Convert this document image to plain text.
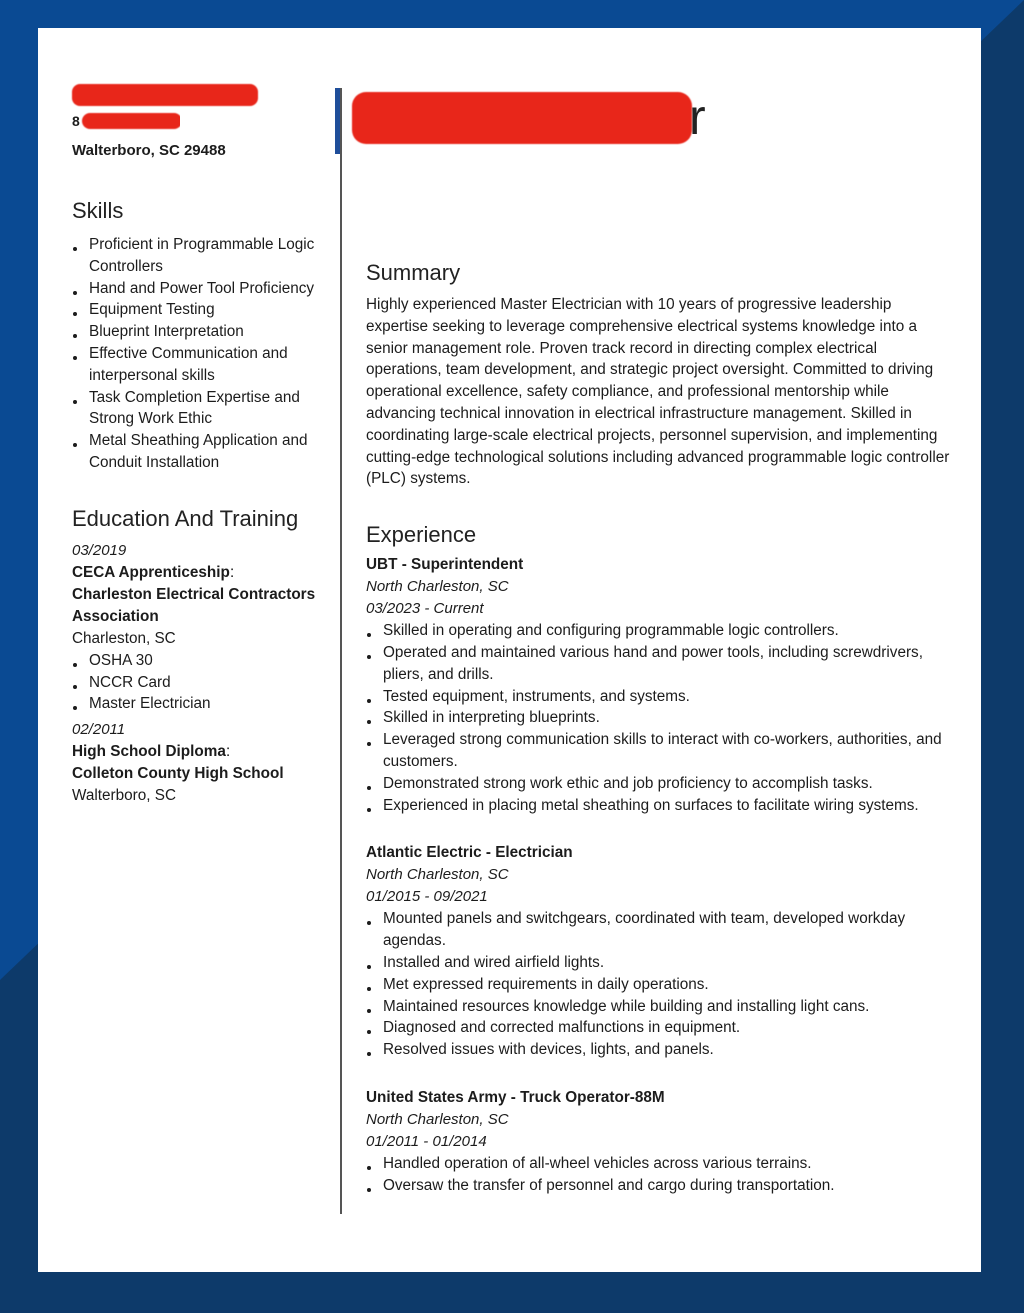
8
Walterboro, SC 29488
Skills
Proficient in Programmable Logic Controllers
Hand and Power Tool Proficiency
Equipment Testing
Blueprint Interpretation
Effective Communication and interpersonal skills
Task Completion Expertise and Strong Work Ethic
Metal Sheathing Application and Conduit Installation
Education And Training
03/2019
CECA Apprenticeship:
Charleston Electrical Contractors Association
Charleston, SC
OSHA 30
NCCR Card
Master Electrician
02/2011
High School Diploma:
Colleton County High School
Walterboro, SC
r
Summary

Highly experienced Master Electrician with 10 years of progressive leadership expertise seeking to leverage comprehensive electrical systems knowledge into a senior management role. Proven track record in directing complex electrical operations, team development, and strategic project oversight. Committed to driving operational excellence, safety compliance, and professional mentorship while advancing technical innovation in electrical infrastructure management. Skilled in coordinating large-scale electrical projects, personnel supervision, and implementing cutting-edge technological solutions including advanced programmable logic controller (PLC) systems.

Experience
UBT - Superintendent
North Charleston, SC
03/2023 - Current
Skilled in operating and configuring programmable logic controllers.
Operated and maintained various hand and power tools, including screwdrivers, pliers, and drills.
Tested equipment, instruments, and systems.
Skilled in interpreting blueprints.
Leveraged strong communication skills to interact with co-workers, authorities, and customers.
Demonstrated strong work ethic and job proficiency to accomplish tasks.
Experienced in placing metal sheathing on surfaces to facilitate wiring systems.
Atlantic Electric - Electrician
North Charleston, SC
01/2015 - 09/2021
Mounted panels and switchgears, coordinated with team, developed workday agendas.
Installed and wired airfield lights.
Met expressed requirements in daily operations.
Maintained resources knowledge while building and installing light cans.
Diagnosed and corrected malfunctions in equipment.
Resolved issues with devices, lights, and panels.
United States Army - Truck Operator-88M
North Charleston, SC
01/2011 - 01/2014
Handled operation of all-wheel vehicles across various terrains.
Oversaw the transfer of personnel and cargo during transportation.
